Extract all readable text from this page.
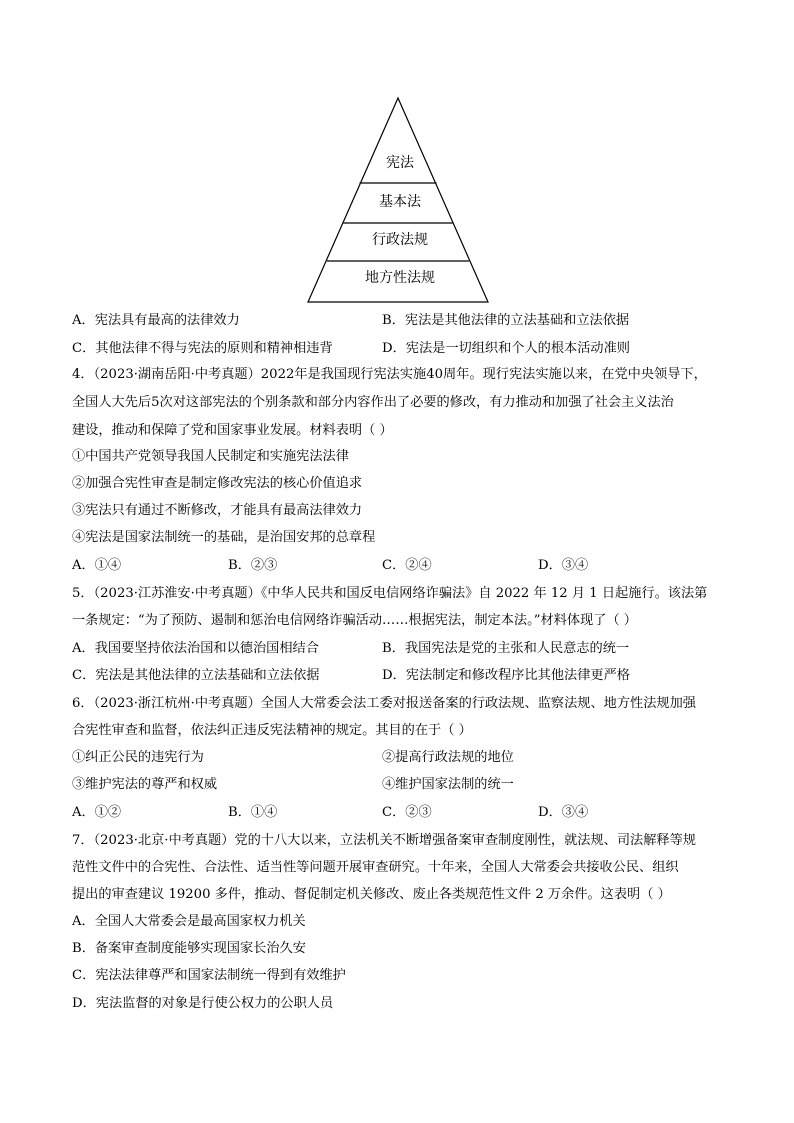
宪法
基本法
行政法规
地方性法规
A．宪法具有最高的法律效力	B．宪法是其他法律的立法基础和立法依据
C．其他法律不得与宪法的原则和精神相违背	D．宪法是一切组织和个人的根本活动准则
4．（2023·湖南岳阳·中考真题）2022年是我国现行宪法实施40周年。现行宪法实施以来，在党中央领导下，
全国人大先后5次对这部宪法的个别条款和部分内容作出了必要的修改，有力推动和加强了社会主义法治
建设，推动和保障了党和国家事业发展。材料表明（ ）
①中国共产党领导我国人民制定和实施宪法法律
②加强合宪性审查是制定修改宪法的核心价值追求
③宪法只有通过不断修改，才能具有最高法律效力
④宪法是国家法制统一的基础，是治国安邦的总章程
A．①④	B．②③	C．②④	D．③④
5．（2023·江苏淮安·中考真题）《中华人民共和国反电信网络诈骗法》自 2022 年 12 月 1 日起施行。该法第
一条规定：“为了预防、遏制和惩治电信网络诈骗活动……根据宪法，制定本法。”材料体现了（ ）
A．我国要坚持依法治国和以德治国相结合	B．我国宪法是党的主张和人民意志的统一
C．宪法是其他法律的立法基础和立法依据	D．宪法制定和修改程序比其他法律更严格
6．（2023·浙江杭州·中考真题）全国人大常委会法工委对报送备案的行政法规、监察法规、地方性法规加强
合宪性审查和监督，依法纠正违反宪法精神的规定。其目的在于（ ）
①纠正公民的违宪行为	②提高行政法规的地位
③维护宪法的尊严和权威	④维护国家法制的统一
A．①②	B．①④	C．②③	D．③④
7．（2023·北京·中考真题）党的十八大以来，立法机关不断增强备案审查制度刚性，就法规、司法解释等规
范性文件中的合宪性、合法性、适当性等问题开展审查研究。十年来，全国人大常委会共接收公民、组织
提出的审查建议 19200 多件，推动、督促制定机关修改、废止各类规范性文件 2 万余件。这表明（ ）
A．全国人大常委会是最高国家权力机关
B．备案审查制度能够实现国家长治久安
C．宪法法律尊严和国家法制统一得到有效维护
D．宪法监督的对象是行使公权力的公职人员
